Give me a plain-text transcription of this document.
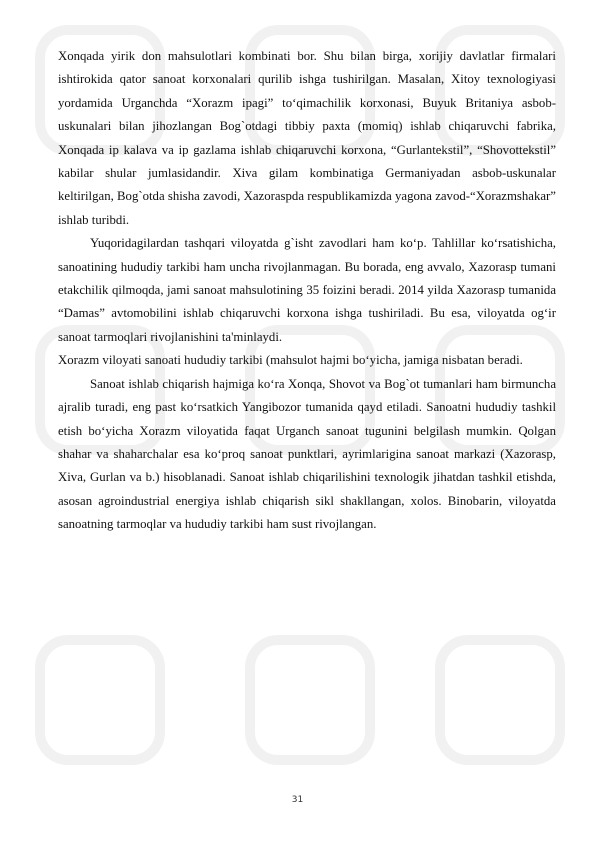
Xonqada yirik don mahsulotlari kombinati bor. Shu bilan birga, xorijiy davlatlar firmalari ishtirokida qator sanoat korxonalari qurilib ishga tushirilgan. Masalan, Xitoy texnologiyasi yordamida Urganchda “Xorazm ipagi” to‘qimachilik korxonasi, Buyuk Britaniya asbob-uskunalari bilan jihozlangan Bog`otdagi tibbiy paxta (momiq) ishlab chiqaruvchi fabrika, Xonqada ip kalava va ip gazlama ishlab chiqaruvchi korxona, “Gurlantekstil”, “Shovottekstil” kabilar shular jumlasidandir. Xiva gilam kombinatiga Germaniyadan asbob-uskunalar keltirilgan, Bog`otda shisha zavodi, Xazoraspda respublikamizda yagona zavod-“Xorazmshakar” ishlab turibdi.

Yuqoridagilardan tashqari viloyatda g`isht zavodlari ham ko‘p. Tahlillar ko‘rsatishicha, sanoatining hududiy tarkibi ham uncha rivojlanmagan. Bu borada, eng avvalo, Xazorasp tumani etakchilik qilmoqda, jami sanoat mahsulotining 35 foizini beradi. 2014 yilda Xazorasp tumanida “Damas” avtomobilini ishlab chiqaruvchi korxona ishga tushiriladi. Bu esa, viloyatda og‘ir sanoat tarmoqlari rivojlanishini ta'minlaydi.

Xorazm viloyati sanoati hududiy tarkibi (mahsulot hajmi bo‘yicha, jamiga nisbatan beradi.

Sanoat ishlab chiqarish hajmiga ko‘ra Xonqa, Shovot va Bog`ot tumanlari ham birmuncha ajralib turadi, eng past ko‘rsatkich Yangibozor tumanida qayd etiladi. Sanoatni hududiy tashkil etish bo‘yicha Xorazm viloyatida faqat Urganch sanoat tugunini belgilash mumkin. Qolgan shahar va shaharchalar esa ko‘proq sanoat punktlari, ayrimlarigina sanoat markazi (Xazorasp, Xiva, Gurlan va b.) hisoblanadi. Sanoat ishlab chiqarilishini texnologik jihatdan tashkil etishda, asosan agroindustrial energiya ishlab chiqarish sikl shakllangan, xolos. Binobarin, viloyatda sanoatning tarmoqlar va hududiy tarkibi ham sust rivojlangan.

31
